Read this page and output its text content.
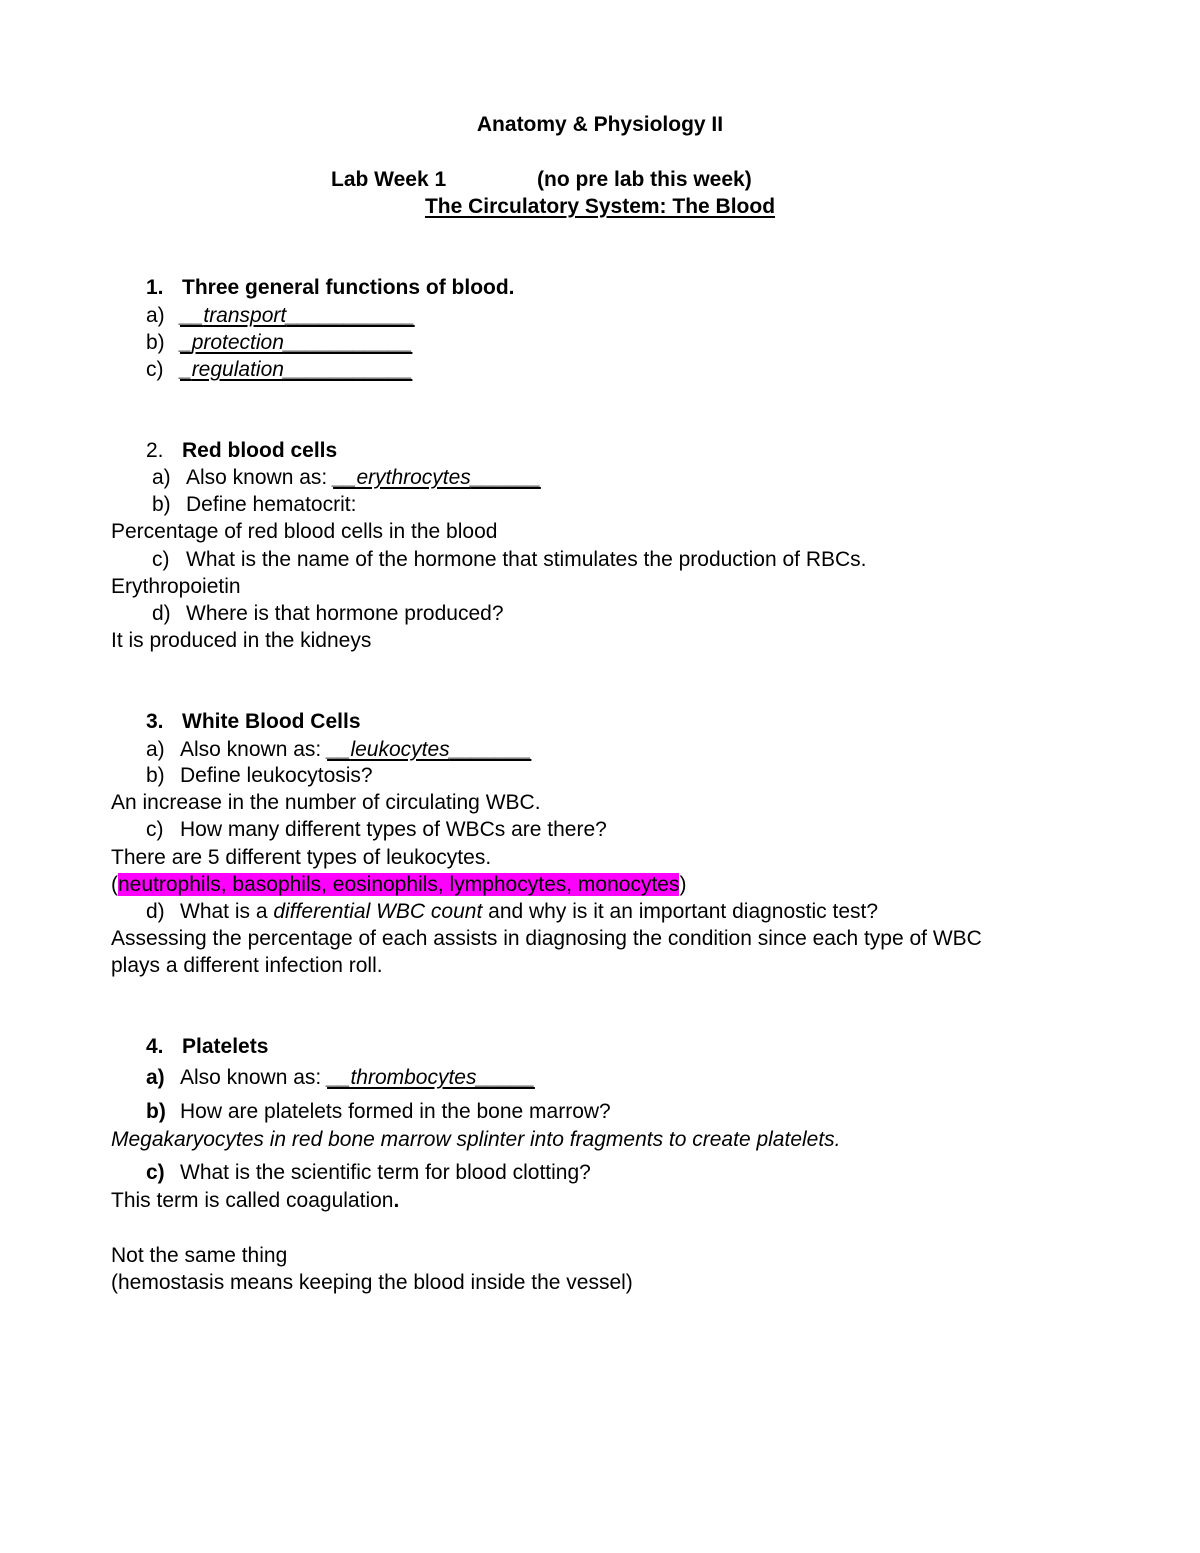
Anatomy & Physiology II
Lab Week 1	(no pre lab this week)
The Circulatory System: The Blood
1. Three general functions of blood.
a) __transport___________
b) _protection___________
c) _regulation___________
2. Red blood cells
a) Also known as: __erythrocytes______
b) Define hematocrit:
Percentage of red blood cells in the blood
c) What is the name of the hormone that stimulates the production of RBCs.
Erythropoietin
d) Where is that hormone produced?
It is produced in the kidneys
3. White Blood Cells
a) Also known as: __leukocytes_______
b) Define leukocytosis?
An increase in the number of circulating WBC.
c) How many different types of WBCs are there?
There are 5 different types of leukocytes.
(neutrophils, basophils, eosinophils, lymphocytes, monocytes)
d) What is a differential WBC count and why is it an important diagnostic test?
Assessing the percentage of each assists in diagnosing the condition since each type of WBC
plays a different infection roll.
4. Platelets
a) Also known as: __thrombocytes_____
b) How are platelets formed in the bone marrow?
Megakaryocytes in red bone marrow splinter into fragments to create platelets.
c) What is the scientific term for blood clotting?
This term is called coagulation.
Not the same thing
(hemostasis means keeping the blood inside the vessel)
